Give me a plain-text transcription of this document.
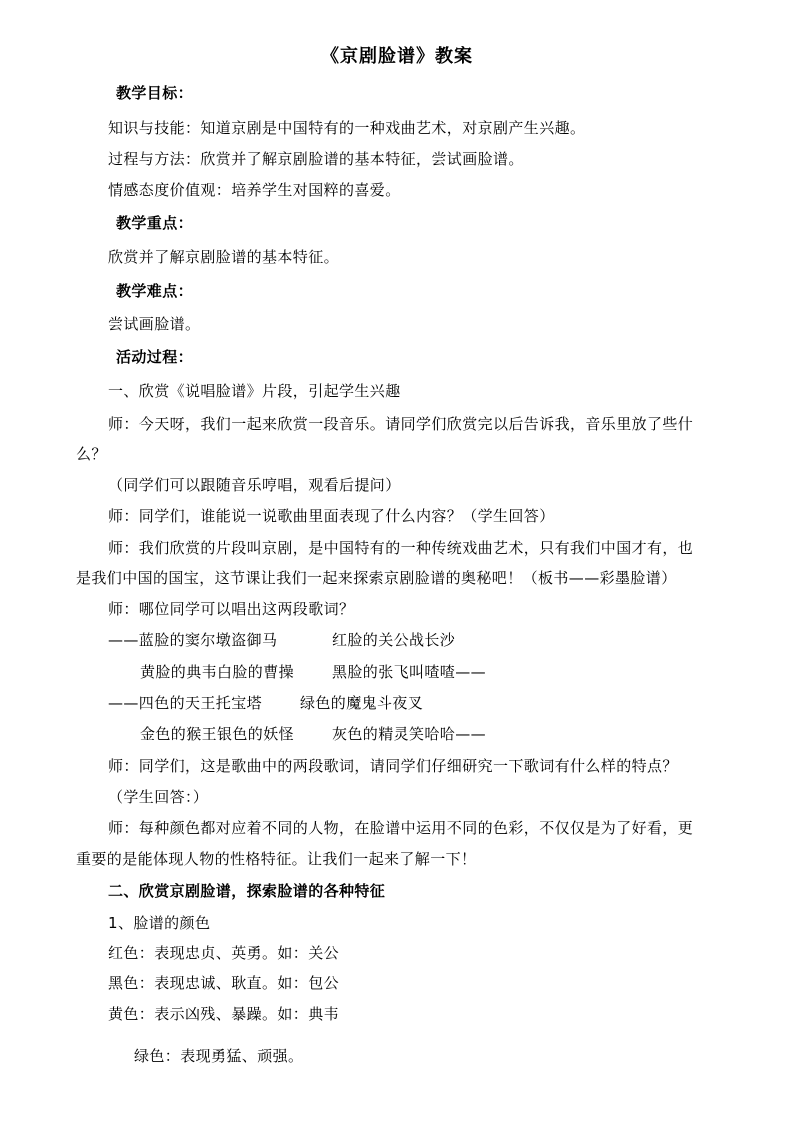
《京剧脸谱》教案
教学目标：
知识与技能：知道京剧是中国特有的一种戏曲艺术，对京剧产生兴趣。
过程与方法：欣赏并了解京剧脸谱的基本特征，尝试画脸谱。
情感态度价值观：培养学生对国粹的喜爱。
教学重点：
欣赏并了解京剧脸谱的基本特征。
教学难点：
尝试画脸谱。
活动过程：
一、欣赏《说唱脸谱》片段，引起学生兴趣
师：今天呀，我们一起来欣赏一段音乐。请同学们欣赏完以后告诉我，音乐里放了些什
么？
（同学们可以跟随音乐哼唱，观看后提问）
师：同学们，谁能说一说歌曲里面表现了什么内容？（学生回答）
师：我们欣赏的片段叫京剧，是中国特有的一种传统戏曲艺术，只有我们中国才有，也
是我们中国的国宝，这节课让我们一起来探索京剧脸谱的奥秘吧！（板书——彩墨脸谱）
师：哪位同学可以唱出这两段歌词？
——蓝脸的窦尔墩盗御马	红脸的关公战长沙
黄脸的典韦白脸的曹操	黑脸的张飞叫喳喳——
——四色的天王托宝塔	绿色的魔鬼斗夜叉
金色的猴王银色的妖怪	灰色的精灵笑哈哈——
师：同学们，这是歌曲中的两段歌词，请同学们仔细研究一下歌词有什么样的特点？
（学生回答：）
师：每种颜色都对应着不同的人物，在脸谱中运用不同的色彩，不仅仅是为了好看，更
重要的是能体现人物的性格特征。让我们一起来了解一下！
二、欣赏京剧脸谱，探索脸谱的各种特征
1、脸谱的颜色
红色：表现忠贞、英勇。如：关公
黑色：表现忠诚、耿直。如：包公
黄色：表示凶残、暴躁。如：典韦
绿色：表现勇猛、顽强。
